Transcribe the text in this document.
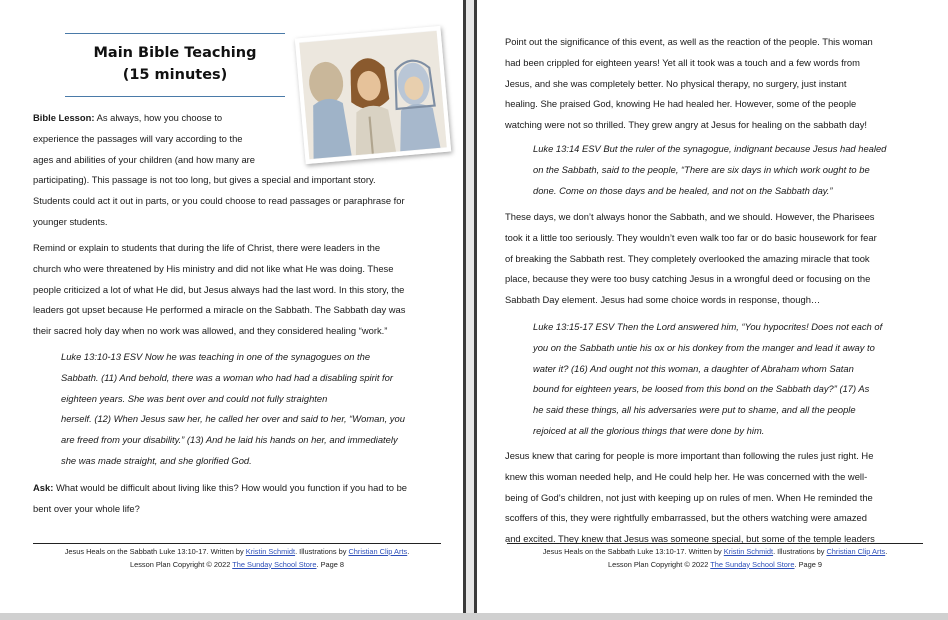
Main Bible Teaching
(15 minutes)

Bible Lesson: As always, how you choose to

experience the passages will vary according to the

ages and abilities of your children (and how many are

participating). This passage is not too long, but gives a special and important story.

Students could act it out in parts, or you could choose to read passages or paraphrase for

younger students.

Remind or explain to students that during the life of Christ, there were leaders in the

church who were threatened by His ministry and did not like what He was doing. These

people criticized a lot of what He did, but Jesus always had the last word. In this story, the

leaders got upset because He performed a miracle on the Sabbath. The Sabbath day was

their sacred holy day when no work was allowed, and they considered healing “work.”

Luke 13:10-13 ESV Now he was teaching in one of the synagogues on the

Sabbath. (11) And behold, there was a woman who had had a disabling spirit for

eighteen years. She was bent over and could not fully straighten

herself. (12) When Jesus saw her, he called her over and said to her, “Woman, you

are freed from your disability.” (13) And he laid his hands on her, and immediately

she was made straight, and she glorified God.

Ask: What would be difficult about living like this? How would you function if you had to be

bent over your whole life?

Jesus Heals on the Sabbath Luke 13:10-17. Written by Kristin Schmidt. Illustrations by Christian Clip Arts.
Lesson Plan Copyright © 2022 The Sunday School Store. Page 8

Point out the significance of this event, as well as the reaction of the people. This woman

had been crippled for eighteen years! Yet all it took was a touch and a few words from

Jesus, and she was completely better. No physical therapy, no surgery, just instant

healing. She praised God, knowing He had healed her. However, some of the people

watching were not so thrilled. They grew angry at Jesus for healing on the sabbath day!

Luke 13:14 ESV But the ruler of the synagogue, indignant because Jesus had healed

on the Sabbath, said to the people, “There are six days in which work ought to be

done. Come on those days and be healed, and not on the Sabbath day.”

These days, we don’t always honor the Sabbath, and we should. However, the Pharisees

took it a little too seriously. They wouldn’t even walk too far or do basic housework for fear

of breaking the Sabbath rest. They completely overlooked the amazing miracle that took

place, because they were too busy catching Jesus in a wrongful deed or focusing on the

Sabbath Day element. Jesus had some choice words in response, though…

Luke 13:15-17 ESV Then the Lord answered him, “You hypocrites! Does not each of

you on the Sabbath untie his ox or his donkey from the manger and lead it away to

water it? (16) And ought not this woman, a daughter of Abraham whom Satan

bound for eighteen years, be loosed from this bond on the Sabbath day?” (17) As

he said these things, all his adversaries were put to shame, and all the people

rejoiced at all the glorious things that were done by him.

Jesus knew that caring for people is more important than following the rules just right. He

knew this woman needed help, and He could help her. He was concerned with the well-

being of God’s children, not just with keeping up on rules of men. When He reminded the

scoffers of this, they were rightfully embarrassed, but the others watching were amazed

and excited. They knew that Jesus was someone special, but some of the temple leaders

Jesus Heals on the Sabbath Luke 13:10-17. Written by Kristin Schmidt. Illustrations by Christian Clip Arts.
Lesson Plan Copyright © 2022 The Sunday School Store. Page 9
